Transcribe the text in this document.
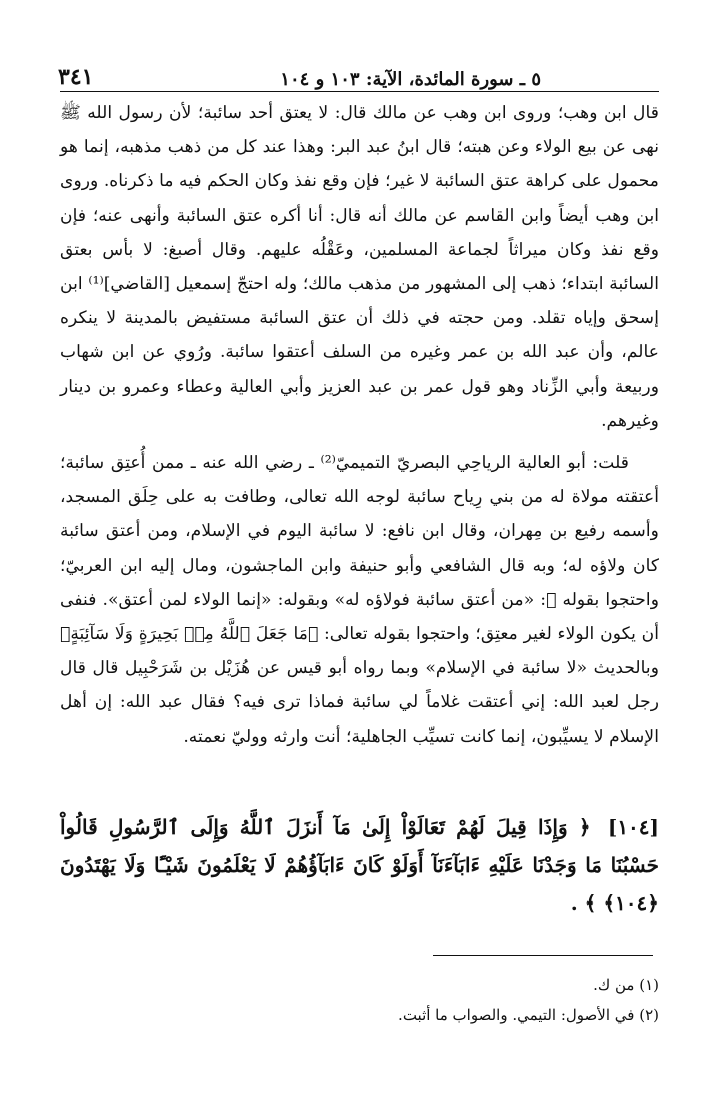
٣٤١	٥ ـ سورة المائدة، الآية: ١٠٣ و ١٠٤

قال ابن وهب؛ وروى ابن وهب عن مالك قال: لا يعتق أحد سائبة؛ لأن رسول الله ﷺ نهى عن بيع الولاء وعن هبته؛ قال ابنُ عبد البر: وهذا عند كل من ذهب مذهبه، إنما هو محمول على كراهة عتق السائبة لا غير؛ فإن وقع نفذ وكان الحكم فيه ما ذكرناه. وروى ابن وهب أيضاً وابن القاسم عن مالك أنه قال: أنا أكره عتق السائبة وأنهى عنه؛ فإن وقع نفذ وكان ميراثاً لجماعة المسلمين، وعَقْلُه عليهم. وقال أصبغ: لا بأس بعتق السائبة ابتداء؛ ذهب إلى المشهور من مذهب مالك؛ وله احتجّ إسمعيل [القاضي]⁽¹⁾ ابن إسحق وإياه تقلد. ومن حجته في ذلك أن عتق السائبة مستفيض بالمدينة لا ينكره عالم، وأن عبد الله بن عمر وغيره من السلف أعتقوا سائبة. ورُوي عن ابن شهاب وربيعة وأبي الزِّناد وهو قول عمر بن عبد العزيز وأبي العالية وعطاء وعمرو بن دينار وغيرهم.

قلت: أبو العالية الرياحِي البصريّ التميميّ⁽²⁾ ـ رضي الله عنه ـ ممن أُعتِق سائبة؛ أعتقته مولاة له من بني رِياح سائبة لوجه الله تعالى، وطافت به على حِلَق المسجد، وأسمه رفيع بن مِهران، وقال ابن نافع: لا سائبة اليوم في الإسلام، ومن أعتق سائبة كان ولاؤه له؛ وبه قال الشافعي وأبو حنيفة وابن الماجشون، ومال إليه ابن العربيّ؛ واحتجوا بقوله ﷺ: «من أعتق سائبة فولاؤه له» وبقوله: «إنما الولاء لمن أعتق». فنفى أن يكون الولاء لغير معتِق؛ واحتجوا بقوله تعالى: ﴿مَا جَعَلَ ٱللَّهُ مِنۢ بَحِيرَةٍ وَلَا سَآئِبَةٍ﴾ وبالحديث «لا سائبة في الإسلام» وبما رواه أبو قيس عن هُزَيْل بن شَرَحْبِيل قال قال رجل لعبد الله: إني أعتقت غلاماً لي سائبة فماذا ترى فيه؟ فقال عبد الله: إن أهل الإسلام لا يسيِّبون، إنما كانت تسيِّب الجاهلية؛ أنت وارثه ووليّ نعمته.

[١٠٤] ﴿ وَإِذَا قِيلَ لَهُمْ تَعَالَوْاْ إِلَىٰ مَآ أَنزَلَ ٱللَّهُ وَإِلَى ٱلرَّسُولِ قَالُواْ حَسْبُنَا مَا وَجَدْنَا عَلَيْهِ ءَابَآءَنَآ أَوَلَوْ كَانَ ءَابَآؤُهُمْ لَا يَعْلَمُونَ شَيْـًٔا وَلَا يَهْتَدُونَ ﴿١٠٤﴾ ﴾ .
(١) من ك.
(٢) في الأصول: التيمي. والصواب ما أثبت.
